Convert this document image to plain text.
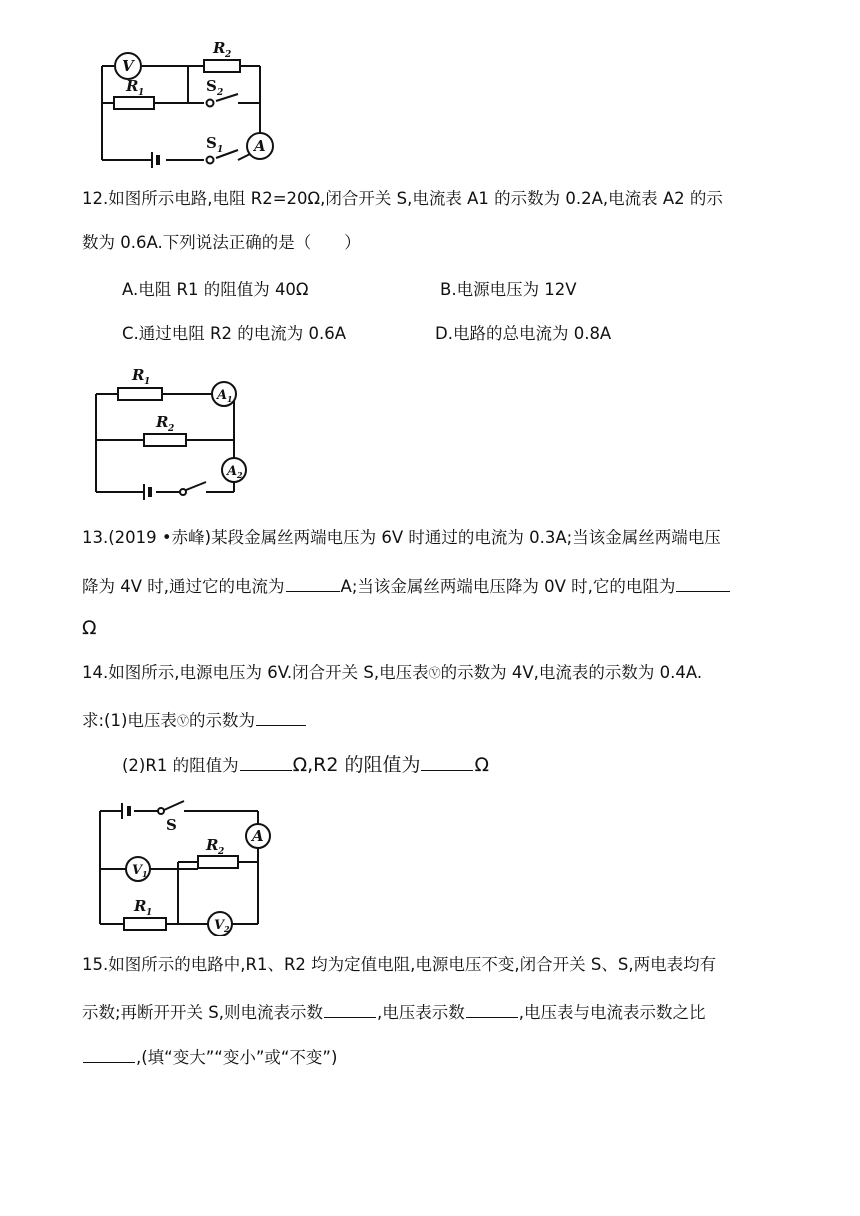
V
R 2
R 1	S 2
S 1 A

12.如图所示电路,电阻 R2=20Ω,闭合开关 S,电流表 A1 的示数为 0.2A,电流表 A2 的示

数为 0.6A.下列说法正确的是（　　）

A.电阻 R1 的阻值为 40Ω	B.电源电压为 12V

C.通过电阻 R2 的电流为 0.6A	D.电路的总电流为 0.8A
R 1
A 1
R 2
A 2

13.(2019 •赤峰)某段金属丝两端电压为 6V 时通过的电流为 0.3A;当该金属丝两端电压

降为 4V 时,通过它的电流为	A;当该金属丝两端电压降为 0V 时,它的电阻为

Ω

14.如图所示,电源电压为 6V.闭合开关 S,电压表Ⓥ的示数为 4V,电流表的示数为 0.4A.

求:(1)电压表Ⓥ的示数为

(2)R1 的阻值为	Ω,R2 的阻值为	Ω

S
A
V 1
R 2
R 1
V 2

15.如图所示的电路中,R1、R2 均为定值电阻,电源电压不变,闭合开关 S、S,两电表均有

示数;再断开开关 S,则电流表示数	,电压表示数	,电压表与电流表示数之比

,(填“变大”“变小”或“不变”)
